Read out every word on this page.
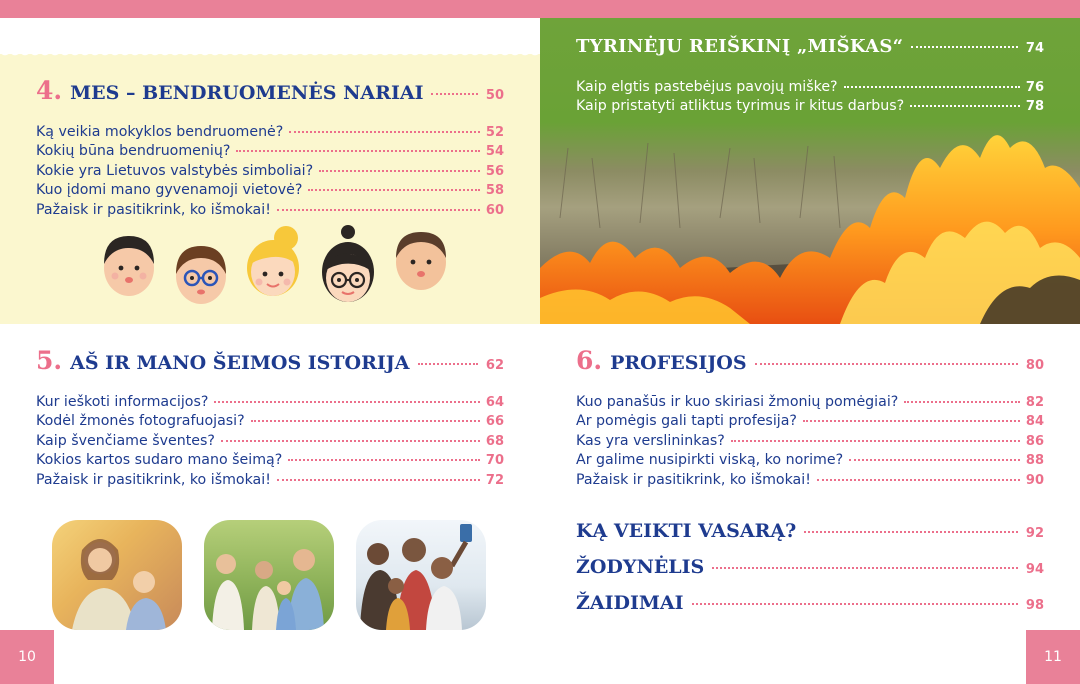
4. MES – BENDRUOMENĖS NARIAI	50
Ką veikia mokyklos bendruomenė?	52
Kokių būna bendruomenių?	54
Kokie yra Lietuvos valstybės simboliai?	56
Kuo įdomi mano gyvenamoji vietovė?	58
Pažaisk ir pasitikrink, ko išmokai!	60
TYRINĖJU REIŠKINĮ „MIŠKAS“	74
Kaip elgtis pastebėjus pavojų miške?	76
Kaip pristatyti atliktus tyrimus ir kitus darbus?	78
5. AŠ IR MANO ŠEIMOS ISTORIJA	62
Kur ieškoti informacijos?	64
Kodėl žmonės fotografuojasi?	66
Kaip švenčiame šventes?	68
Kokios kartos sudaro mano šeimą?	70
Pažaisk ir pasitikrink, ko išmokai!	72
6. PROFESIJOS	80
Kuo panašūs ir kuo skiriasi žmonių pomėgiai?	82
Ar pomėgis gali tapti profesija?	84
Kas yra verslininkas?	86
Ar galime nusipirkti viską, ko norime?	88
Pažaisk ir pasitikrink, ko išmokai!	90
KĄ VEIKTI VASARĄ?	92
ŽODYNĖLIS	94
ŽAIDIMAI	98
10	11
